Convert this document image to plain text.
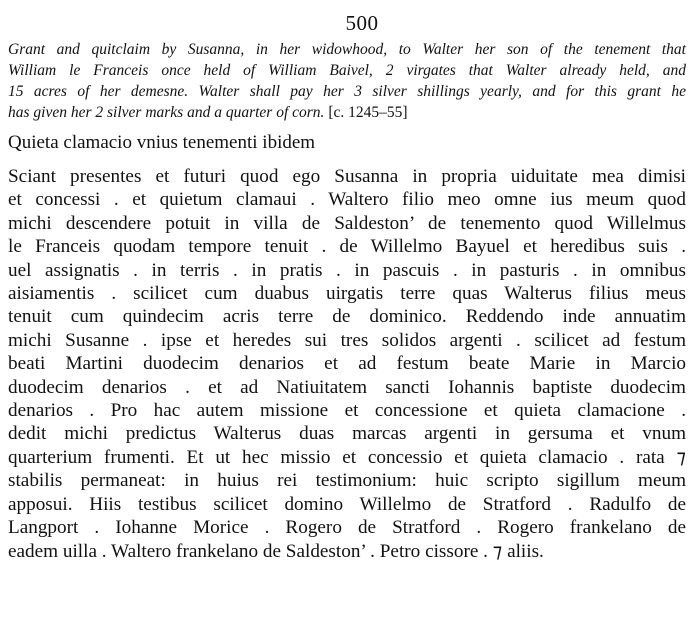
500
Grant and quitclaim by Susanna, in her widowhood, to Walter her son of the tenement that
William le Franceis once held of William Baivel, 2 virgates that Walter already held, and
15 acres of her demesne. Walter shall pay her 3 silver shillings yearly, and for this grant he
has given her 2 silver marks and a quarter of corn. [c. 1245–55]
Quieta clamacio vnius tenementi ibidem
Sciant presentes et futuri quod ego Susanna in propria uiduitate mea dimisi
et concessi . et quietum clamaui . Waltero filio meo omne ius meum quod
michi descendere potuit in villa de Saldeston’ de tenemento quod Willelmus
le Franceis quodam tempore tenuit . de Willelmo Bayuel et heredibus suis .
uel assignatis . in terris . in pratis . in pascuis . in pasturis . in omnibus
aisiamentis . scilicet cum duabus uirgatis terre quas Walterus filius meus
tenuit cum quindecim acris terre de dominico. Reddendo inde annuatim
michi Susanne . ipse et heredes sui tres solidos argenti . scilicet ad festum
beati Martini duodecim denarios et ad festum beate Marie in Marcio
duodecim denarios . et ad Natiuitatem sancti Iohannis baptiste duodecim
denarios . Pro hac autem missione et concessione et quieta clamacione .
dedit michi predictus Walterus duas marcas argenti in gersuma et vnum
quarterium frumenti. Et ut hec missio et concessio et quieta clamacio . rata ⁊
stabilis permaneat: in huius rei testimonium: huic scripto sigillum meum
apposui. Hiis testibus scilicet domino Willelmo de Stratford . Radulfo de
Langport . Iohanne Morice . Rogero de Stratford . Rogero frankelano de
eadem uilla . Waltero frankelano de Saldeston’ . Petro cissore . ⁊ aliis.
